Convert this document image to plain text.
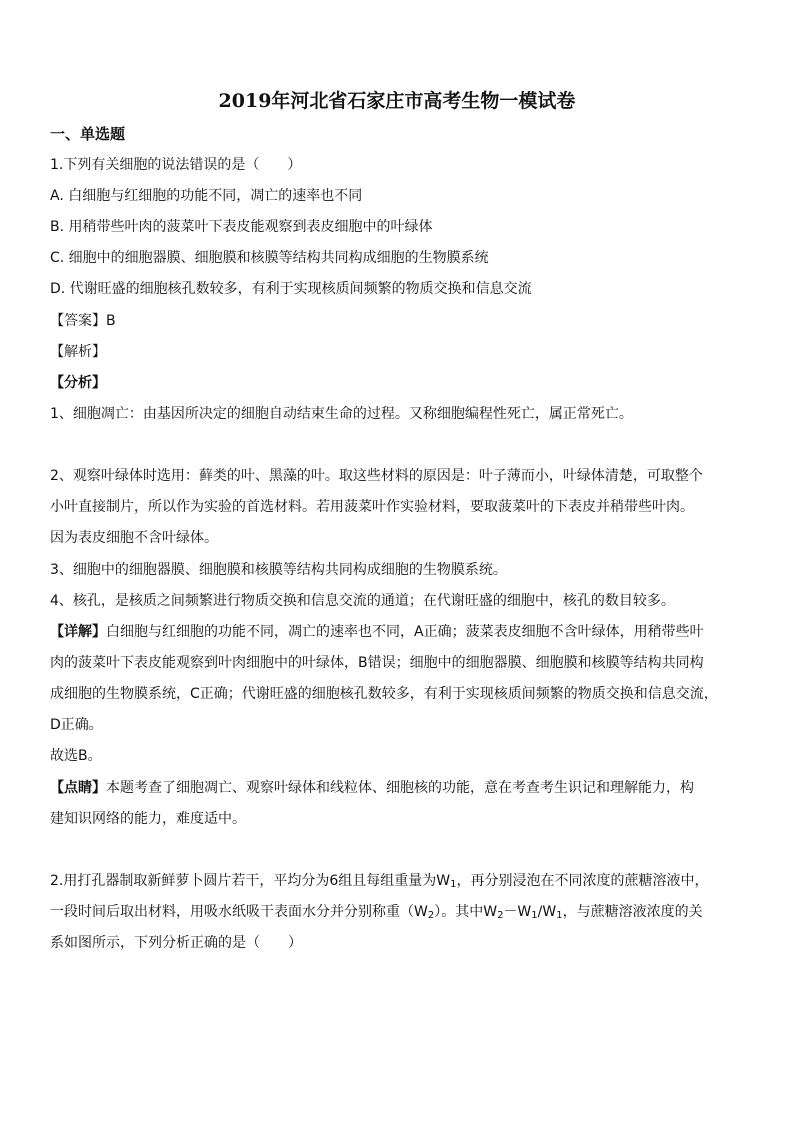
2019年河北省石家庄市高考生物一模试卷
一、单选题
1.下列有关细胞的说法错误的是（　　）
A. 白细胞与红细胞的功能不同，凋亡的速率也不同
B. 用稍带些叶肉的菠菜叶下表皮能观察到表皮细胞中的叶绿体
C. 细胞中的细胞器膜、细胞膜和核膜等结构共同构成细胞的生物膜系统
D. 代谢旺盛的细胞核孔数较多，有利于实现核质间频繁的物质交换和信息交流
【答案】B
【解析】
【分析】
1、细胞凋亡：由基因所决定的细胞自动结束生命的过程。又称细胞编程性死亡，属正常死亡。
2、观察叶绿体时选用：藓类的叶、黑藻的叶。取这些材料的原因是：叶子薄而小，叶绿体清楚，可取整个
小叶直接制片，所以作为实验的首选材料。若用菠菜叶作实验材料，要取菠菜叶的下表皮并稍带些叶肉。
因为表皮细胞不含叶绿体。
3、细胞中的细胞器膜、细胞膜和核膜等结构共同构成细胞的生物膜系统。
4、核孔，是核质之间频繁进行物质交换和信息交流的通道；在代谢旺盛的细胞中，核孔的数目较多。
【详解】白细胞与红细胞的功能不同，凋亡的速率也不同，A正确；菠菜表皮细胞不含叶绿体，用稍带些叶
肉的菠菜叶下表皮能观察到叶肉细胞中的叶绿体，B错误；细胞中的细胞器膜、细胞膜和核膜等结构共同构
成细胞的生物膜系统，C正确；代谢旺盛的细胞核孔数较多，有利于实现核质间频繁的物质交换和信息交流，
D正确。
故选B。
【点睛】本题考查了细胞凋亡、观察叶绿体和线粒体、细胞核的功能，意在考查考生识记和理解能力，构
建知识网络的能力，难度适中。
2.用打孔器制取新鲜萝卜圆片若干，平均分为6组且每组重量为$W_1$，再分别浸泡在不同浓度的蔗糖溶液中，
一段时间后取出材料，用吸水纸吸干表面水分并分别称重$(W_2)$。其中$W_2-W_1/W_1$，与蔗糖溶液浓度的关
系如图所示，下列分析正确的是（　　）
